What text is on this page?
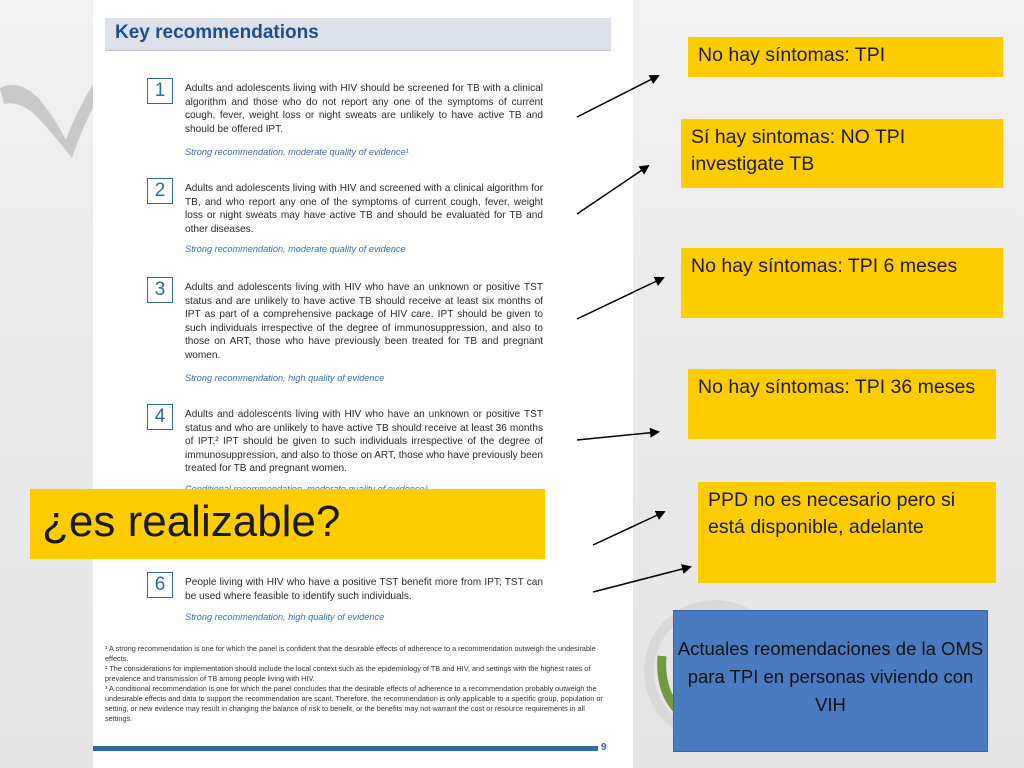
Key recommendations
1	Adults and adolescents living with HIV should be screened for TB with a clinical algorithm and those who do not report any one of the symptoms of current cough, fever, weight loss or night sweats are unlikely to have active TB and should be offered IPT.
Strong recommendation, moderate quality of evidence¹
2	Adults and adolescents living with HIV and screened with a clinical algorithm for TB, and who report any one of the symptoms of current cough, fever, weight loss or night sweats may have active TB and should be evaluated for TB and other diseases.
Strong recommendation, moderate quality of evidence
3	Adults and adolescents living with HIV who have an unknown or positive TST status and are unlikely to have active TB should receive at least six months of IPT as part of a comprehensive package of HIV care. IPT should be given to such individuals irrespective of the degree of immunosuppression, and also to those on ART, those who have previously been treated for TB and pregnant women.
Strong recommendation, high quality of evidence
4	Adults and adolescents living with HIV who have an unknown or positive TST status and who are unlikely to have active TB should receive at least 36 months of IPT.² IPT should be given to such individuals irrespective of the degree of immunosuppression, and also to those on ART, those who have previously been treated for TB and pregnant women.
6	People living with HIV who have a positive TST benefit more from IPT; TST can be used where feasible to identify such individuals.
Strong recommendation, high quality of evidence

¹ A strong recommendation is one for which the panel is confident that the desirable effects of adherence to a recommendation outweigh the undesirable effects.

² The considerations for implementation should include the local context such as the epidemiology of TB and HIV, and settings with the highest rates of prevalence and transmission of TB among people living with HIV.

³ A conditional recommendation is one for which the panel concludes that the desirable effects of adherence to a recommendation probably outweigh the undesirable effects and data to support the recommendation are scant. Therefore, the recommendation is only applicable to a specific group, population or setting, or new evidence may result in changing the balance of risk to benefit, or the benefits may not warrant the cost or resource requirements in all settings.

9
¿es realizable?
No hay síntomas: TPI
Sí hay sintomas: NO TPI investigate TB
No hay síntomas: TPI 6 meses
No hay síntomas: TPI 36 meses
PPD no es necesario pero si está disponible, adelante
Actuales reomendaciones de la OMS para TPI en personas viviendo con VIH
